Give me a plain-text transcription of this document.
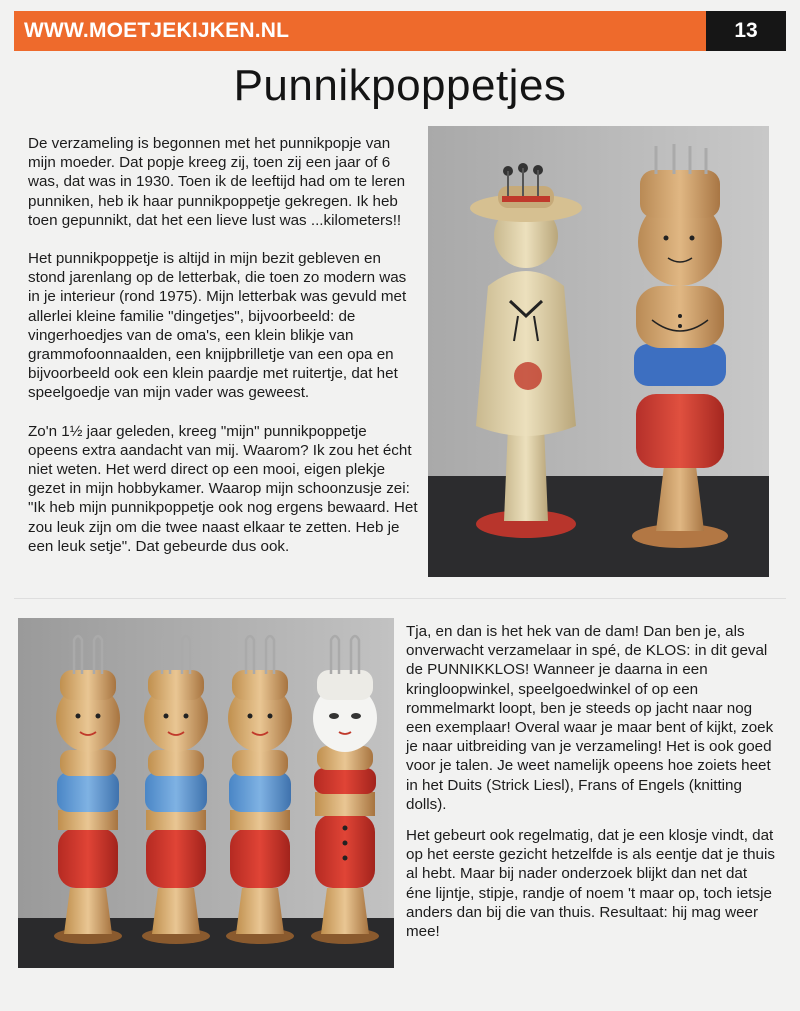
WWW.MOETJEKIJKEN.NL	13
Punnikpoppetjes

De verzameling is begonnen met het punnikpopje van mijn moeder. Dat popje kreeg zij, toen zij een jaar of 6 was, dat was in 1930. Toen ik de leeftijd had om te leren punniken, heb ik haar punnikpoppetje gekregen. Ik heb toen gepunnikt, dat het een lieve lust was ...kilometers!!

Het punnikpoppetje is altijd in mijn bezit gebleven en stond jarenlang op de letterbak, die toen zo modern was in je interieur (rond 1975). Mijn letterbak was gevuld met allerlei kleine familie "dingetjes", bijvoorbeeld: de vingerhoedjes van de oma's, een klein blikje van grammofoonnaalden, een knijpbrilletje van een opa en bijvoorbeeld ook een klein paardje met ruitertje, dat het speelgoedje van mijn vader was geweest.

Zo'n 1½ jaar geleden, kreeg "mijn" punnikpoppetje opeens extra aandacht van mij. Waarom? Ik zou het écht niet weten. Het werd direct op een mooi, eigen plekje gezet in mijn hobbykamer. Waarop mijn schoonzusje zei: "Ik heb mijn punnikpoppetje ook nog ergens bewaard. Het zou leuk zijn om die twee naast elkaar te zetten. Heb je een leuk setje". Dat gebeurde dus ook.

Tja, en dan is het hek van de dam! Dan ben je, als onverwacht verzamelaar in spé, de KLOS: in dit geval de PUNNIKKLOS! Wanneer je daarna in een kringloopwinkel, speelgoedwinkel of op een rommelmarkt loopt, ben je steeds op jacht naar nog een exemplaar! Overal waar je maar bent of kijkt, zoek je naar uitbreiding van je verzameling! Het is ook goed voor je talen. Je weet namelijk opeens hoe zoiets heet in het Duits (Strick Liesl), Frans of Engels (knitting dolls).

Het gebeurt ook regelmatig, dat je een klosje vindt, dat op het eerste gezicht hetzelfde is als eentje dat je thuis al hebt. Maar bij nader onderzoek blijkt dan net dat éne lijntje, stipje, randje of noem 't maar op, toch ietsje anders dan bij die van thuis. Resultaat: hij mag weer mee!
